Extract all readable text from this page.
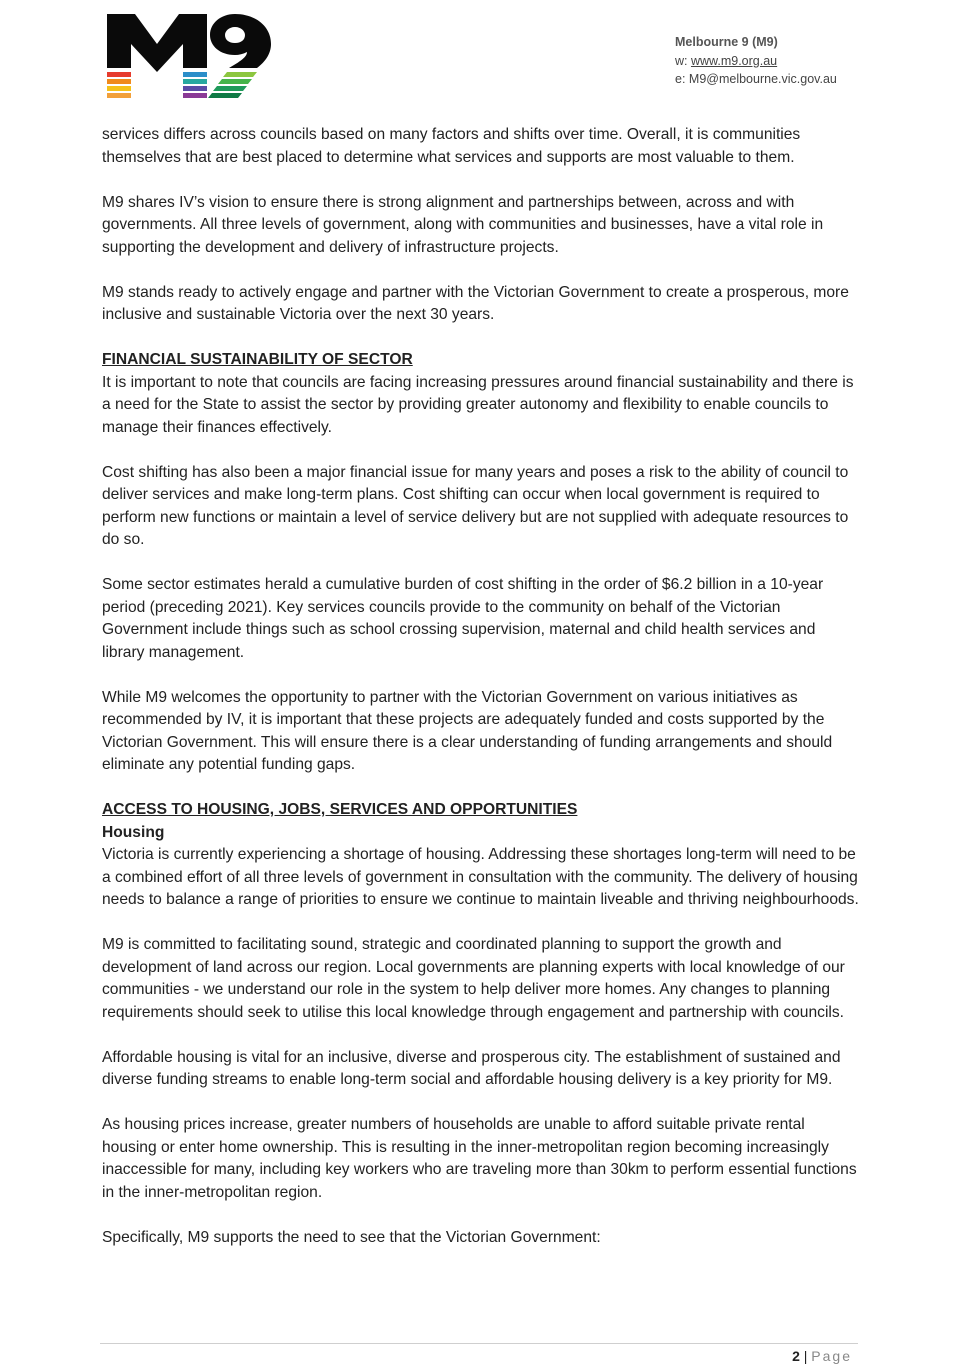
Melbourne 9 (M9)
w: www.m9.org.au
e: M9@melbourne.vic.gov.au

services differs across councils based on many factors and shifts over time. Overall, it is communities themselves that are best placed to determine what services and supports are most valuable to them.

M9 shares IV’s vision to ensure there is strong alignment and partnerships between, across and with governments. All three levels of government, along with communities and businesses, have a vital role in supporting the development and delivery of infrastructure projects.

M9 stands ready to actively engage and partner with the Victorian Government to create a prosperous, more inclusive and sustainable Victoria over the next 30 years.

FINANCIAL SUSTAINABILITY OF SECTOR

It is important to note that councils are facing increasing pressures around financial sustainability and there is a need for the State to assist the sector by providing greater autonomy and flexibility to enable councils to manage their finances effectively.

Cost shifting has also been a major financial issue for many years and poses a risk to the ability of council to deliver services and make long-term plans. Cost shifting can occur when local government is required to perform new functions or maintain a level of service delivery but are not supplied with adequate resources to do so.

Some sector estimates herald a cumulative burden of cost shifting in the order of $6.2 billion in a 10-year period (preceding 2021). Key services councils provide to the community on behalf of the Victorian Government include things such as school crossing supervision, maternal and child health services and library management.

While M9 welcomes the opportunity to partner with the Victorian Government on various initiatives as recommended by IV, it is important that these projects are adequately funded and costs supported by the Victorian Government. This will ensure there is a clear understanding of funding arrangements and should eliminate any potential funding gaps.

ACCESS TO HOUSING, JOBS, SERVICES AND OPPORTUNITIES
Housing

Victoria is currently experiencing a shortage of housing. Addressing these shortages long-term will need to be a combined effort of all three levels of government in consultation with the community. The delivery of housing needs to balance a range of priorities to ensure we continue to maintain liveable and thriving neighbourhoods.

M9 is committed to facilitating sound, strategic and coordinated planning to support the growth and development of land across our region. Local governments are planning experts with local knowledge of our communities - we understand our role in the system to help deliver more homes. Any changes to planning requirements should seek to utilise this local knowledge through engagement and partnership with councils.

Affordable housing is vital for an inclusive, diverse and prosperous city. The establishment of sustained and diverse funding streams to enable long-term social and affordable housing delivery is a key priority for M9.

As housing prices increase, greater numbers of households are unable to afford suitable private rental housing or enter home ownership. This is resulting in the inner-metropolitan region becoming increasingly inaccessible for many, including key workers who are traveling more than 30km to perform essential functions in the inner-metropolitan region.

Specifically, M9 supports the need to see that the Victorian Government:

2 | Page
